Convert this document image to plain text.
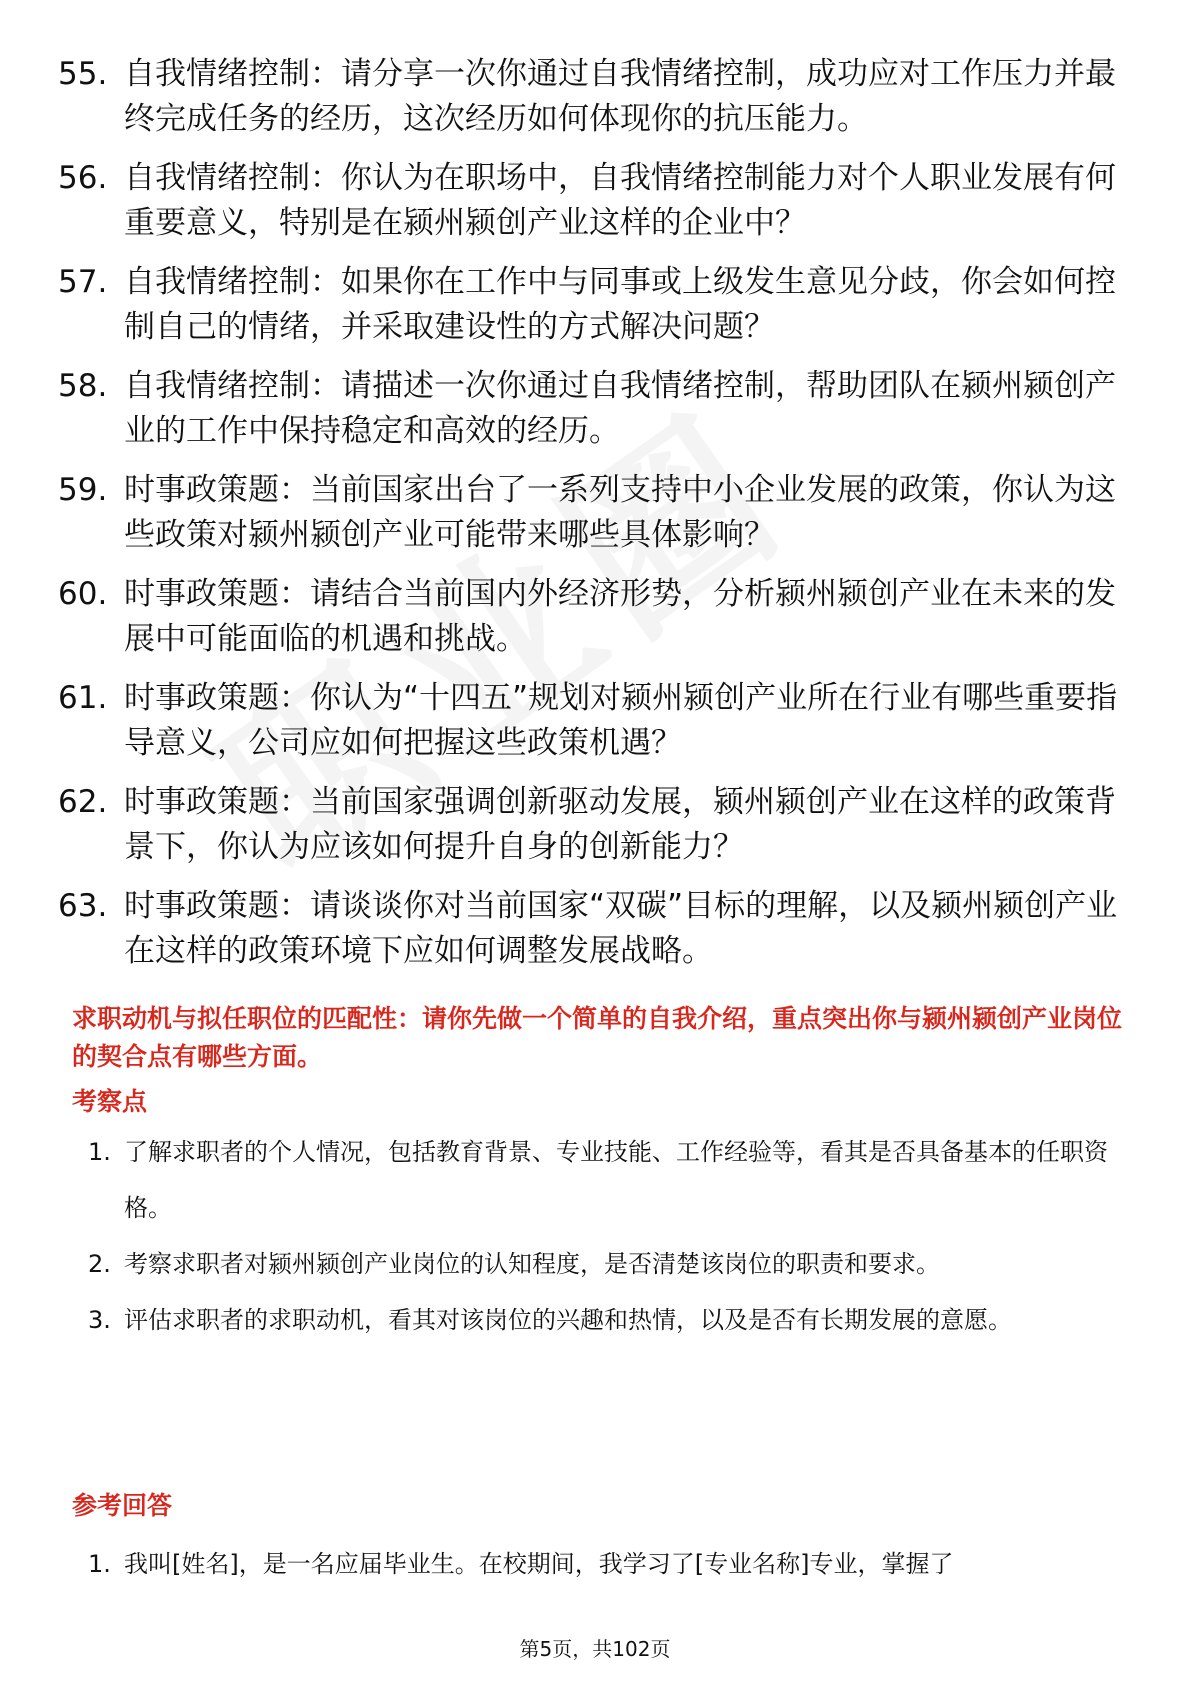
55. 自我情绪控制：请分享一次你通过自我情绪控制，成功应对工作压力并最终完成任务的经历，这次经历如何体现你的抗压能力。
56. 自我情绪控制：你认为在职场中，自我情绪控制能力对个人职业发展有何重要意义，特别是在颍州颍创产业这样的企业中？
57. 自我情绪控制：如果你在工作中与同事或上级发生意见分歧，你会如何控制自己的情绪，并采取建设性的方式解决问题？
58. 自我情绪控制：请描述一次你通过自我情绪控制，帮助团队在颍州颍创产业的工作中保持稳定和高效的经历。
59. 时事政策题：当前国家出台了一系列支持中小企业发展的政策，你认为这些政策对颍州颍创产业可能带来哪些具体影响？
60. 时事政策题：请结合当前国内外经济形势，分析颍州颍创产业在未来的发展中可能面临的机遇和挑战。
61. 时事政策题：你认为“十四五”规划对颍州颍创产业所在行业有哪些重要指导意义，公司应如何把握这些政策机遇？
62. 时事政策题：当前国家强调创新驱动发展，颍州颍创产业在这样的政策背景下，你认为应该如何提升自身的创新能力？
63. 时事政策题：请谈谈你对当前国家“双碳”目标的理解，以及颍州颍创产业在这样的政策环境下应如何调整发展战略。
求职动机与拟任职位的匹配性：请你先做一个简单的自我介绍，重点突出你与颍州颍创产业岗位的契合点有哪些方面。
考察点
1. 了解求职者的个人情况，包括教育背景、专业技能、工作经验等，看其是否具备基本的任职资格。
2. 考察求职者对颍州颍创产业岗位的认知程度，是否清楚该岗位的职责和要求。
3. 评估求职者的求职动机，看其对该岗位的兴趣和热情，以及是否有长期发展的意愿。
参考回答
1. 我叫[姓名]，是一名应届毕业生。在校期间，我学习了[专业名称]专业，掌握了
第5页，共102页
